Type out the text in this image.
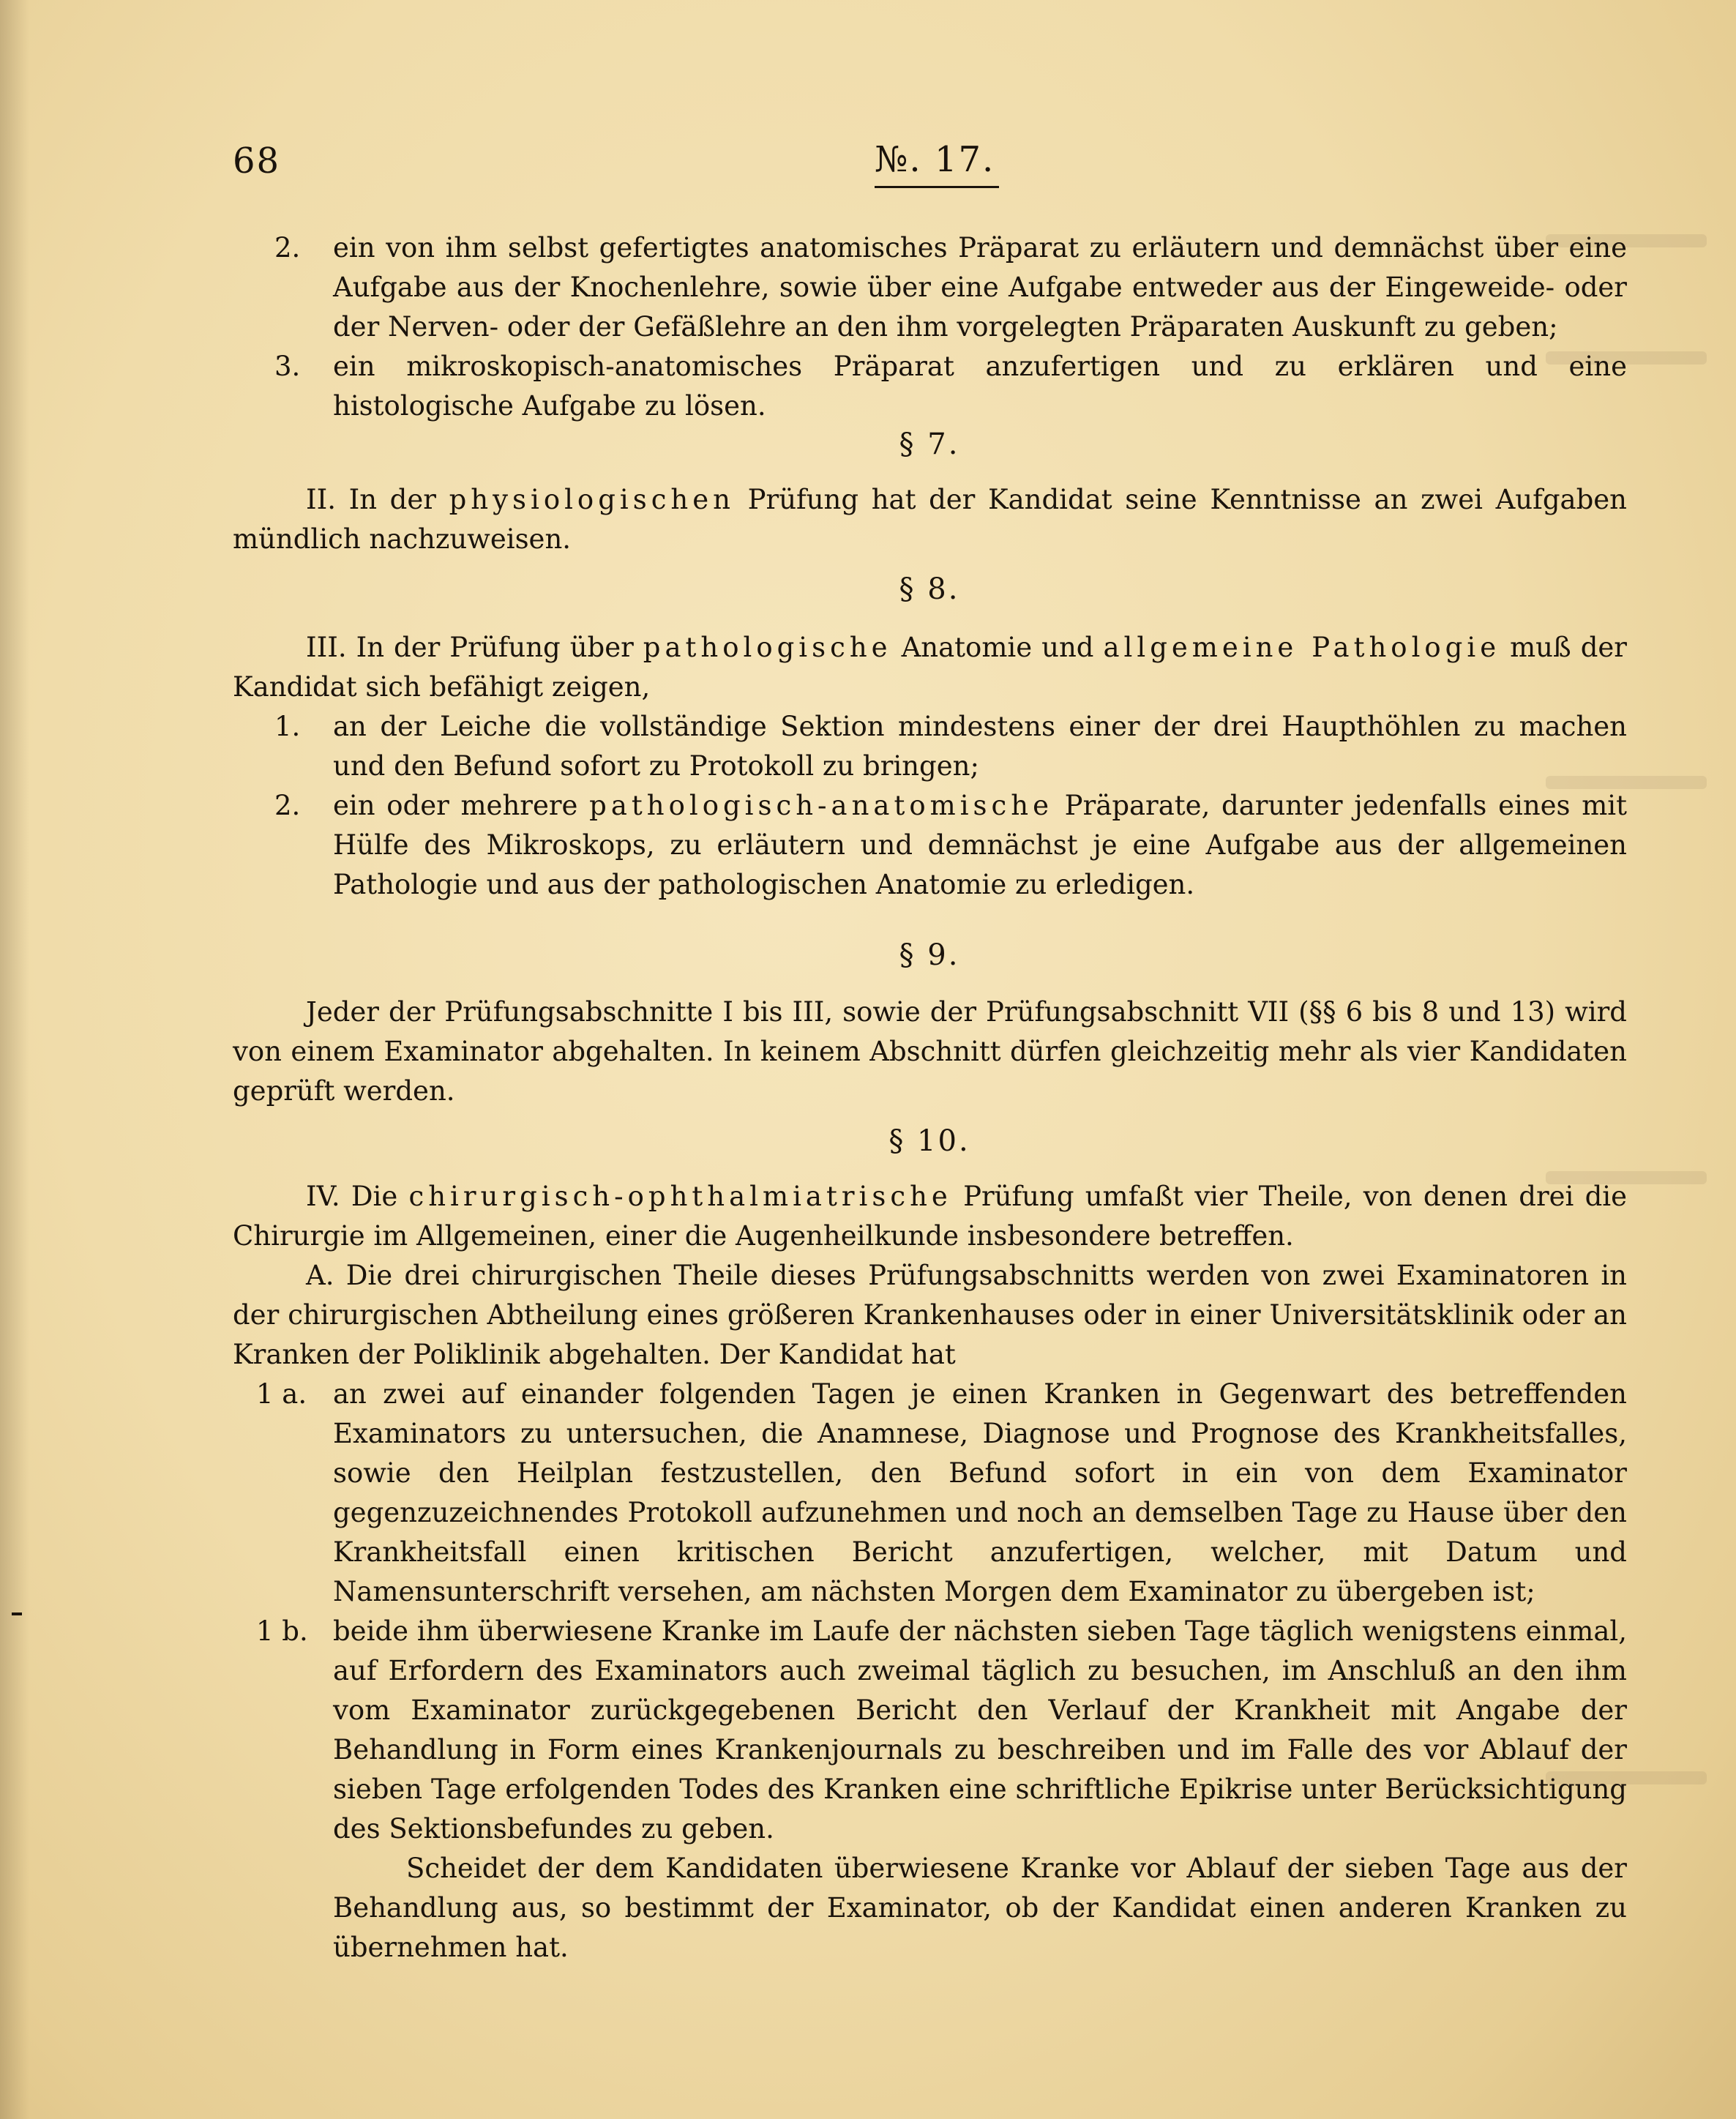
68	№. 17.

2. ein von ihm selbst gefertigtes anatomisches Präparat zu erläutern und demnächst über eine Aufgabe aus der Knochenlehre, sowie über eine Aufgabe entweder aus der Eingeweide- oder der Nerven- oder der Gefäßlehre an den ihm vorgelegten Präparaten Auskunft zu geben;

3. ein mikroskopisch-anatomisches Präparat anzufertigen und zu erklären und eine histologische Aufgabe zu lösen.

§ 7.

II. In der physiologischen Prüfung hat der Kandidat seine Kenntnisse an zwei Aufgaben mündlich nachzuweisen.

§ 8.

III. In der Prüfung über pathologische Anatomie und allgemeine Pathologie muß der Kandidat sich befähigt zeigen,

1. an der Leiche die vollständige Sektion mindestens einer der drei Haupthöhlen zu machen und den Befund sofort zu Protokoll zu bringen;

2. ein oder mehrere pathologisch-anatomische Präparate, darunter jedenfalls eines mit Hülfe des Mikroskops, zu erläutern und demnächst je eine Aufgabe aus der allgemeinen Pathologie und aus der pathologischen Anatomie zu erledigen.

§ 9.

Jeder der Prüfungsabschnitte I bis III, sowie der Prüfungsabschnitt VII (§§ 6 bis 8 und 13) wird von einem Examinator abgehalten. In keinem Abschnitt dürfen gleichzeitig mehr als vier Kandidaten geprüft werden.

§ 10.

IV. Die chirurgisch-ophthalmiatrische Prüfung umfaßt vier Theile, von denen drei die Chirurgie im Allgemeinen, einer die Augenheilkunde insbesondere betreffen.

A. Die drei chirurgischen Theile dieses Prüfungsabschnitts werden von zwei Examinatoren in der chirurgischen Abtheilung eines größeren Krankenhauses oder in einer Universitätsklinik oder an Kranken der Poliklinik abgehalten. Der Kandidat hat

1 a. an zwei auf einander folgenden Tagen je einen Kranken in Gegenwart des betreffenden Examinators zu untersuchen, die Anamnese, Diagnose und Prognose des Krankheitsfalles, sowie den Heilplan festzustellen, den Befund sofort in ein von dem Examinator gegenzuzeichnendes Protokoll aufzunehmen und noch an demselben Tage zu Hause über den Krankheitsfall einen kritischen Bericht anzufertigen, welcher, mit Datum und Namensunterschrift versehen, am nächsten Morgen dem Examinator zu übergeben ist;

1 b. beide ihm überwiesene Kranke im Laufe der nächsten sieben Tage täglich wenigstens einmal, auf Erfordern des Examinators auch zweimal täglich zu besuchen, im Anschluß an den ihm vom Examinator zurückgegebenen Bericht den Verlauf der Krankheit mit Angabe der Behandlung in Form eines Krankenjournals zu beschreiben und im Falle des vor Ablauf der sieben Tage erfolgenden Todes des Kranken eine schriftliche Epikrise unter Berücksichtigung des Sektionsbefundes zu geben.

Scheidet der dem Kandidaten überwiesene Kranke vor Ablauf der sieben Tage aus der Behandlung aus, so bestimmt der Examinator, ob der Kandidat einen anderen Kranken zu übernehmen hat.
